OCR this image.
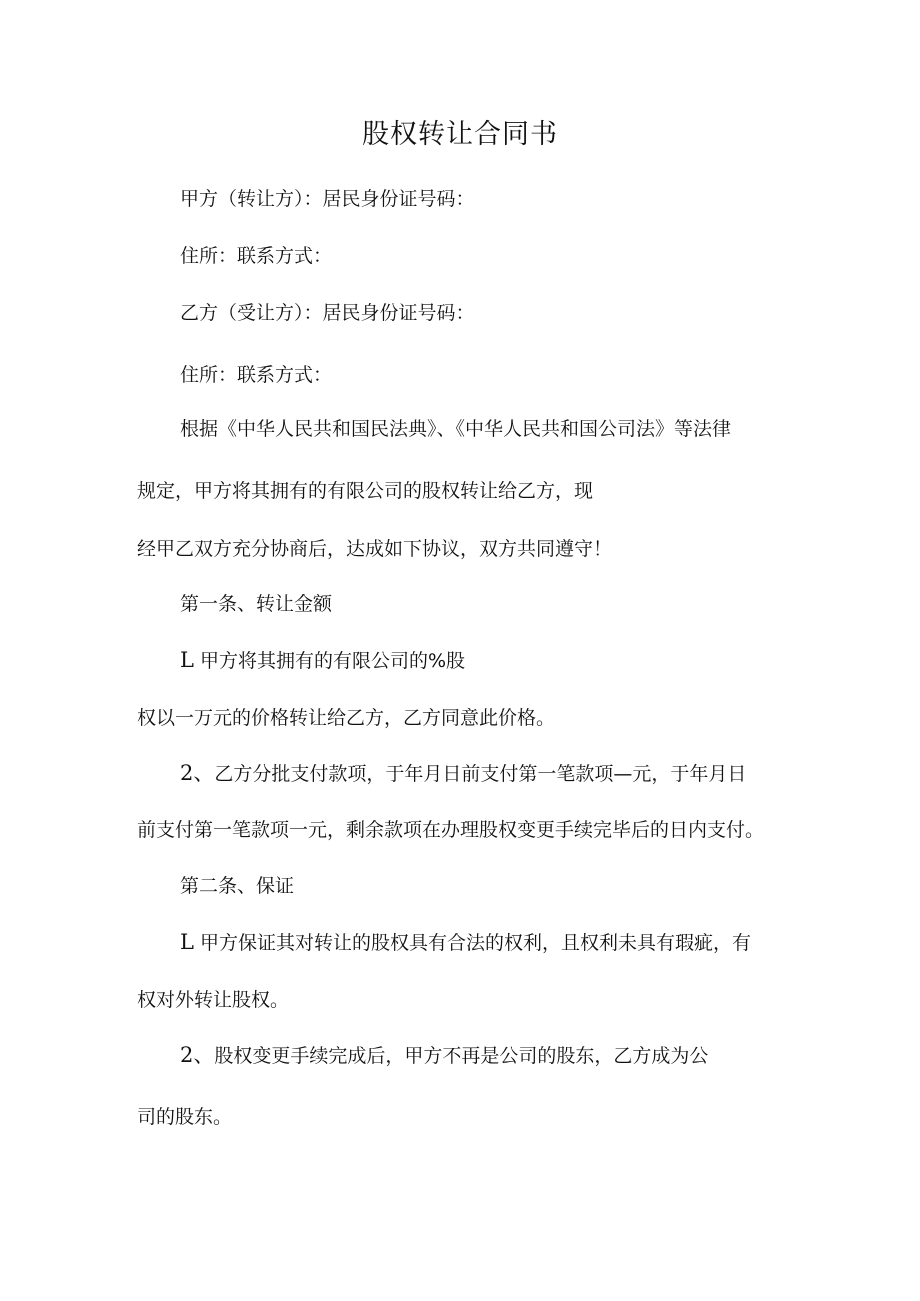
股权转让合同书
甲方（转让方）：居民身份证号码：
住所：联系方式：
乙方（受让方）：居民身份证号码：
住所：联系方式：
根据《中华人民共和国民法典》、《中华人民共和国公司法》等法律
规定，甲方将其拥有的有限公司的股权转让给乙方，现
经甲乙双方充分协商后，达成如下协议，双方共同遵守！
第一条、转让金额
L 甲方将其拥有的有限公司的%股
权以一万元的价格转让给乙方，乙方同意此价格。
2、乙方分批支付款项，于年月日前支付第一笔款项—元，于年月日
前支付第一笔款项一元，剩余款项在办理股权变更手续完毕后的日内支付。
第二条、保证
L 甲方保证其对转让的股权具有合法的权利，且权利未具有瑕疵，有
权对外转让股权。
2、股权变更手续完成后，甲方不再是公司的股东，乙方成为公
司的股东。
